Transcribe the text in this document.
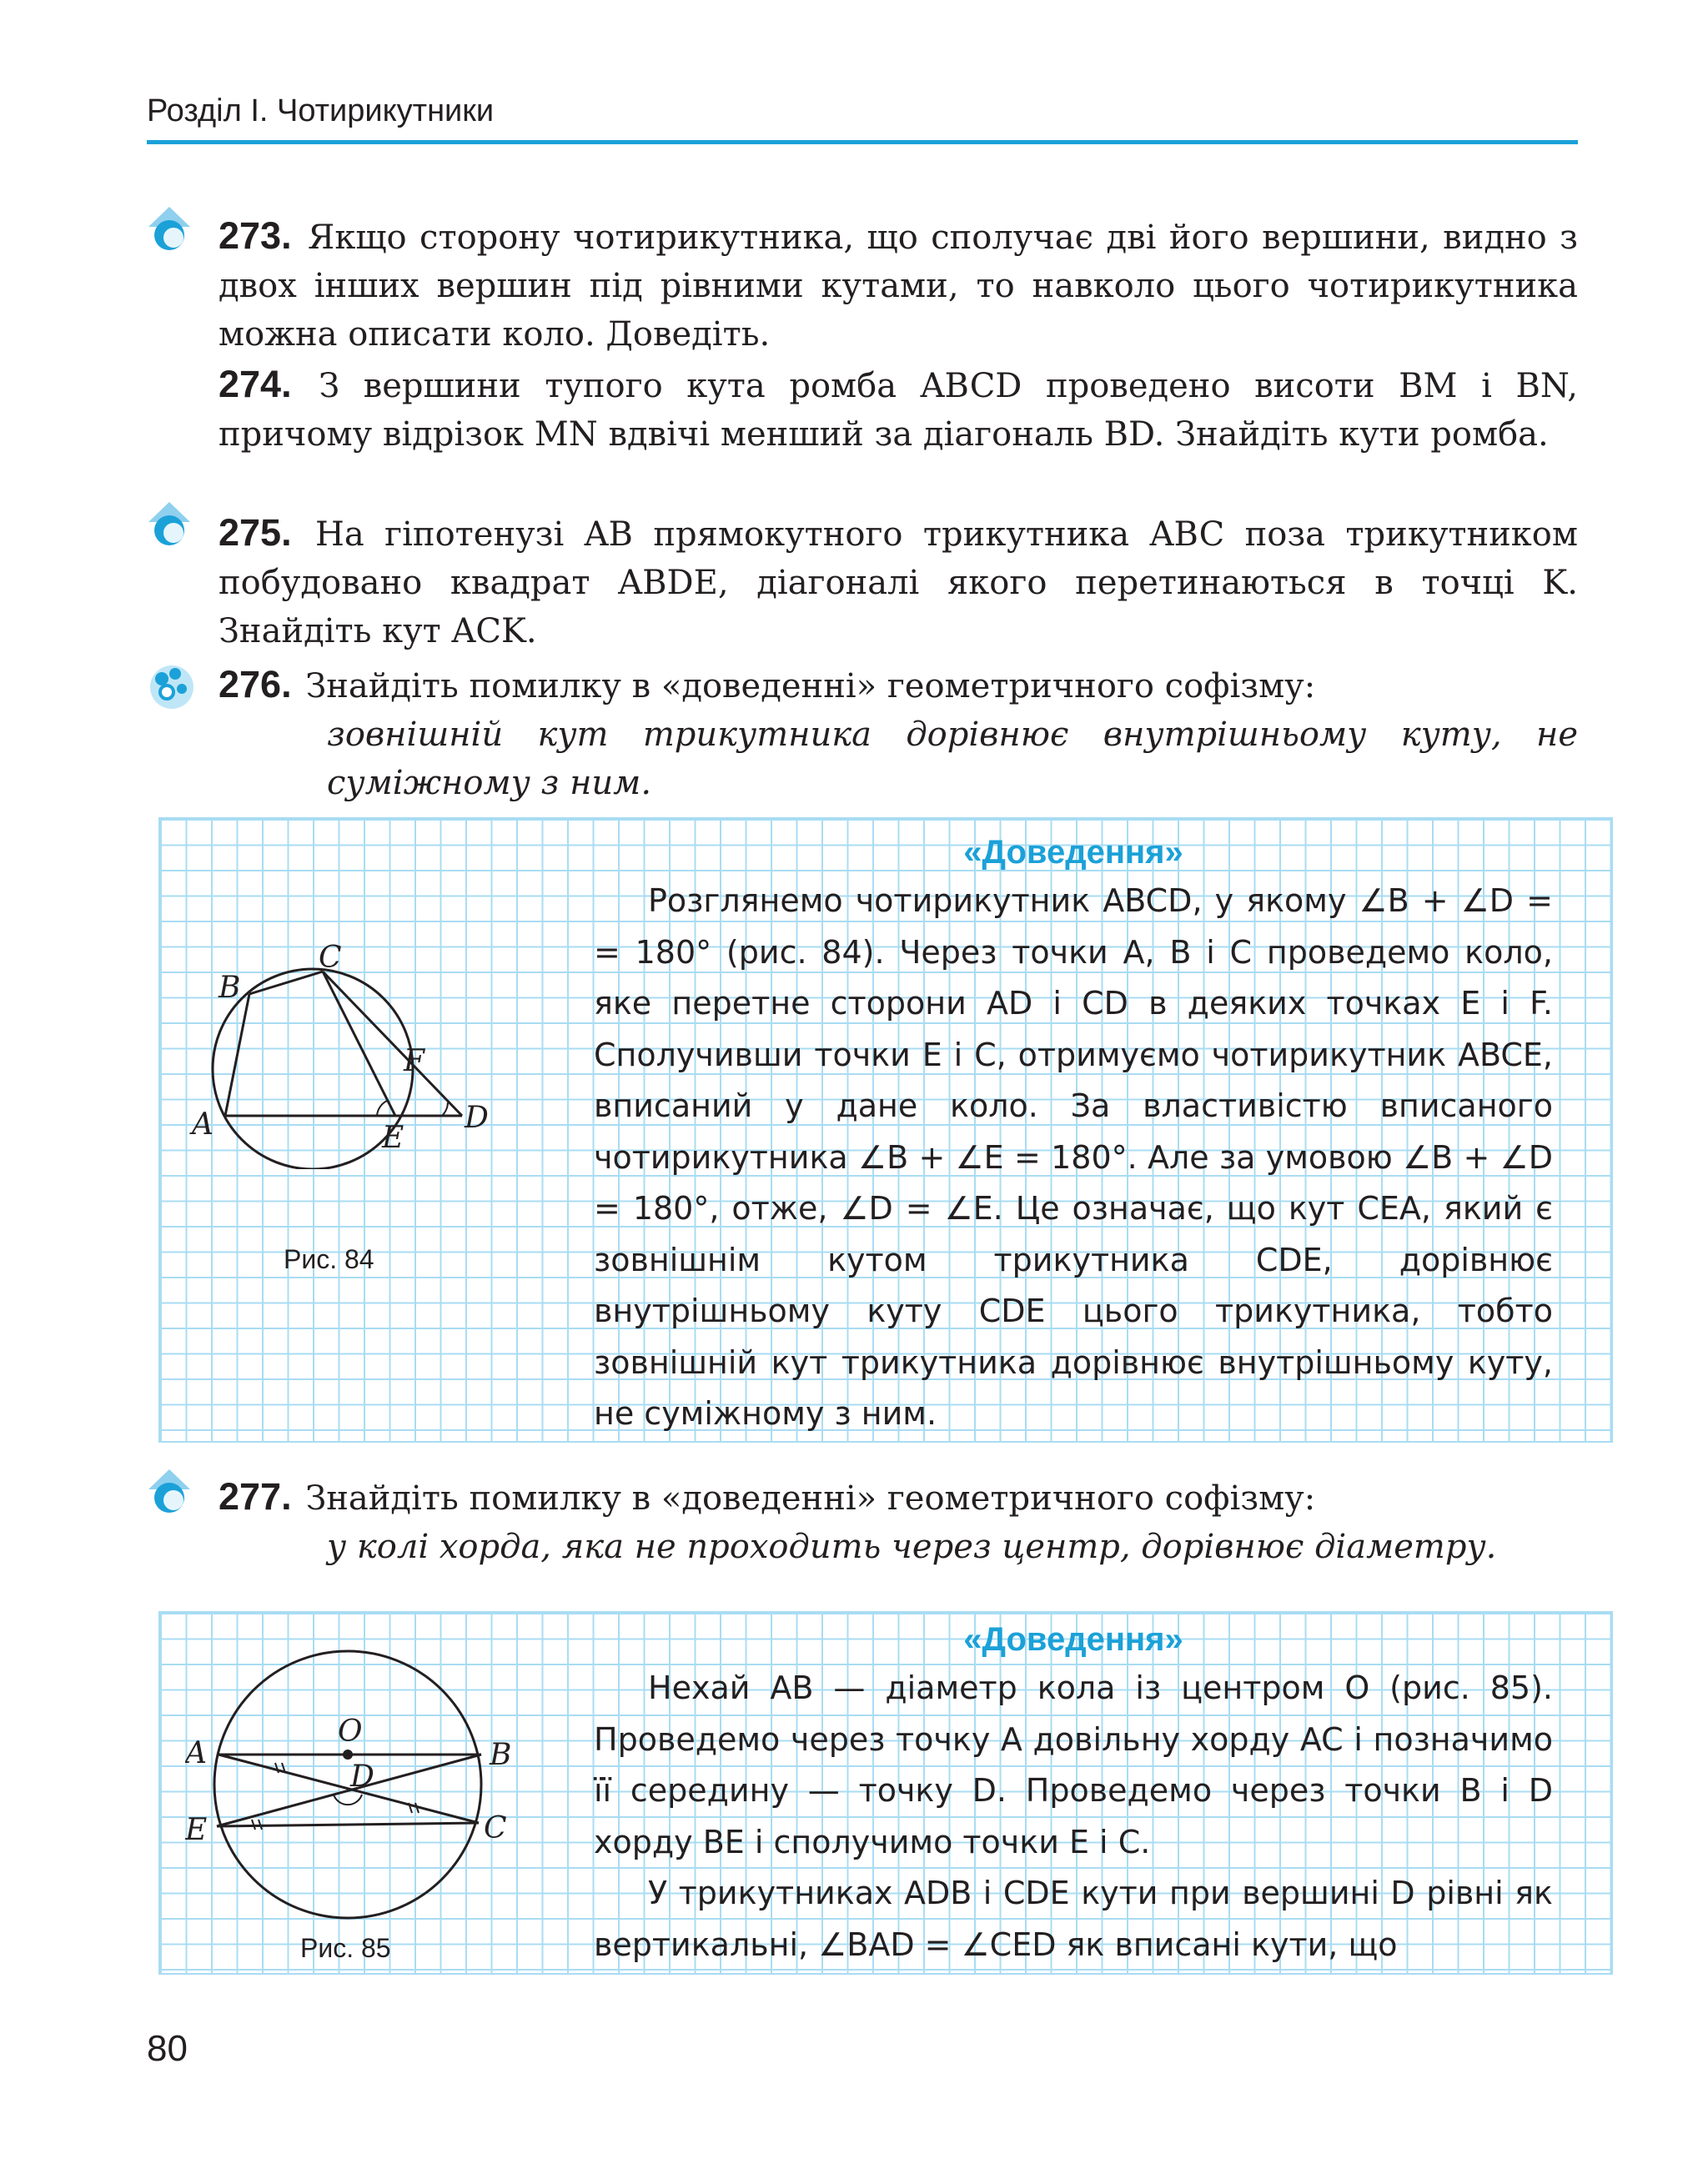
Розділ I. Чотирикутники

273. Якщо сторону чотирикутника, що сполучає дві його вершини, видно з двох інших вершин під рівними кутами, то навколо цього чотирикутника можна описати коло. Доведіть.

274. З вершини тупого кута ромба ABCD проведено висоти BM і BN, причому відрізок MN вдвічі менший за діагональ BD. Знайдіть кути ромба.

275. На гіпотенузі AB прямокутного трикутника ABC поза трикутником побудовано квадрат ABDE, діагоналі якого перетинаються в точці K. Знайдіть кут ACK.

276. Знайдіть помилку в «доведенні» геометричного софізму:

зовнішній кут трикутника дорівнює внутрішньому куту, не суміжному з ним.

A
B
C
D
E
F
Рис. 84
«Доведення»

Розглянемо чотирикутник ABCD, у якому ∠B + ∠D = = 180° (рис. 84). Через точки A, B і C проведемо коло, яке перетне сторони AD і CD в деяких точках E і F. Сполучивши точки E і C, отримуємо чотирикутник ABCE, вписаний у дане коло. За властивістю вписаного чотирикутника ∠B + ∠E = 180°. Але за умовою ∠B + ∠D = 180°, отже, ∠D = ∠E. Це означає, що кут CEA, який є зовнішнім кутом трикутника CDE, дорівнює внутрішньому куту CDE цього трикутника, тобто зовнішній кут трикутника дорівнює внутрішньому куту, не суміжному з ним.

277. Знайдіть помилку в «доведенні» геометричного софізму:

у колі хорда, яка не проходить через центр, дорівнює діаметру.

A	B
O
D
E	C
Рис. 85
«Доведення»

Нехай AB — діаметр кола із центром O (рис. 85). Проведемо через точку A довільну хорду AC і позначимо її середину — точку D. Проведемо через точки B і D хорду BE і сполучимо точки E і C.

У трикутниках ADB і CDE кути при вершині D рівні як вертикальні, ∠BAD = ∠CED як вписані кути, що

80
